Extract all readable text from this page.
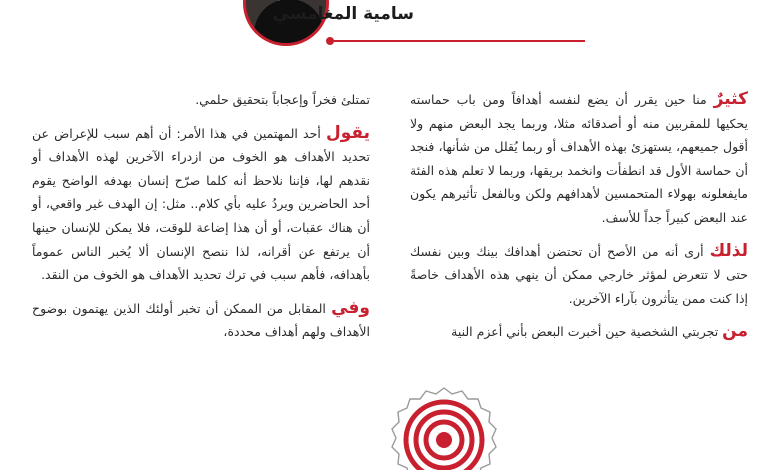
سامية المغامسي

كثيرٌ منا حين يقرر أن يضع لنفسه أهدافاً ومن باب حماسته يحكيها للمقربين منه أو أصدقائه مثلا، وربما يجد البعض منهم ولا أقول جميعهم، يستهزئ بهذه الأهداف أو ربما يُقلل من شأنها، فنجد أن حماسة الأول قد انطفأت وانخمد بريقها، وربما لا تعلم هذه الفئة مايفعلونه بهولاء المتحمسين لأهدافهم ولكن وبالفعل تأثيرهم يكون عند البعض كبيراً جداً للأسف.

لذلك أرى أنه من الأصح أن تحتضن أهدافك بينك وبين نفسك حتى لا تتعرض لمؤثر خارجي ممكن أن ينهي هذه الأهداف خاصةً إذا كنت ممن يتأثرون بآراء الآخرين.

من تجربتي الشخصية حين أخبرت البعض بأني أعزم النية

تمتلئ فخراً وإعجاباً بتحقيق حلمي.

يقول أحد المهتمين في هذا الأمر: أن أهم سبب للإعراض عن تحديد الأهداف هو الخوف من ازدراء الآخرين لهذه الأهداف أو نقدهم لها، فإننا نلاحظ أنه كلما صرّح إنسان بهدفه الواضح يقوم أحد الحاضرين ويردُ عليه بأي كلام.. مثل: إن الهدف غير واقعي، أو أن هناك عقبات، أو أن هذا إضاعة للوقت، فلا يمكن للإنسان حينها أن يرتفع عن أقرانه، لذا ننصح الإنسان ألا يُخبر الناس عموماً بأهدافه، فأهم سبب في ترك تحديد الأهداف هو الخوف من النقد.

وفي المقابل من الممكن أن تخبر أولئك الذين يهتمون بوضوح الأهداف ولهم أهداف محددة،
